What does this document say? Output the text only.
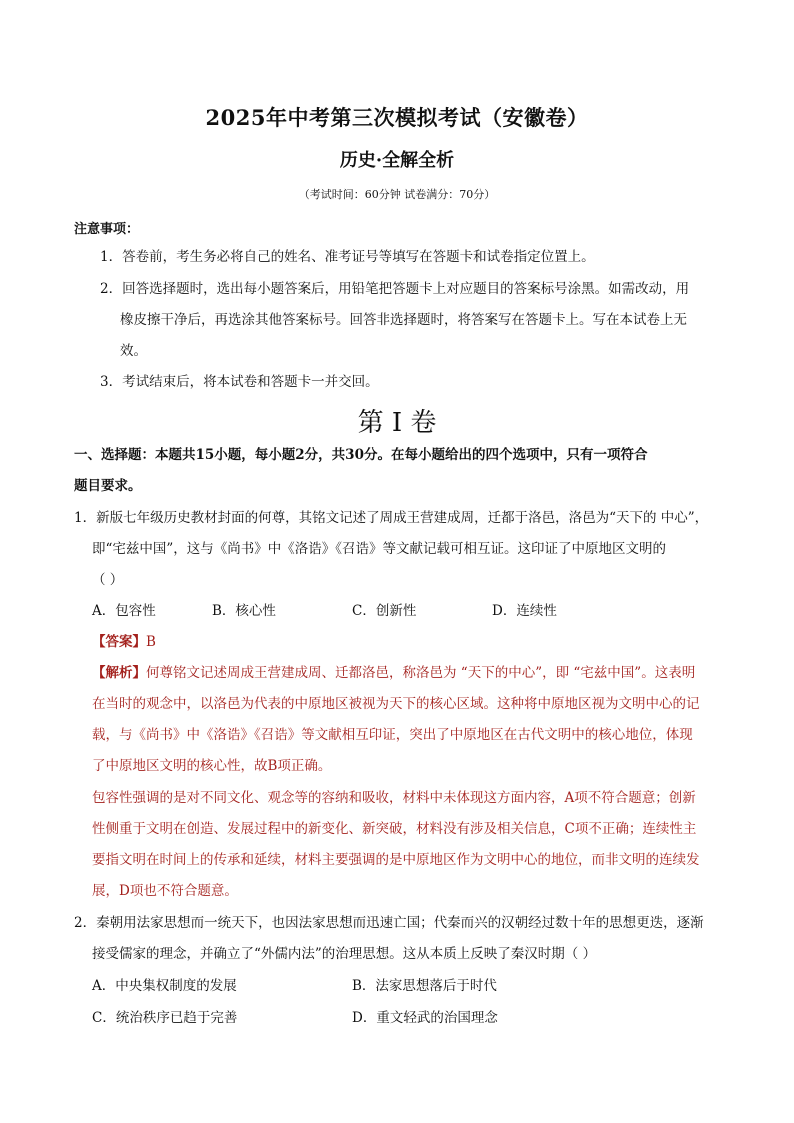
2025年中考第三次模拟考试（安徽卷）
历史·全解全析
（考试时间：60分钟 试卷满分：70分）
注意事项：
1．答卷前，考生务必将自己的姓名、准考证号等填写在答题卡和试卷指定位置上。
2．回答选择题时，选出每小题答案后，用铅笔把答题卡上对应题目的答案标号涂黑。如需改动，用
橡皮擦干净后，再选涂其他答案标号。回答非选择题时，将答案写在答题卡上。写在本试卷上无
效。
3．考试结束后，将本试卷和答题卡一并交回。
第 I 卷
一、选择题：本题共15小题，每小题2分，共30分。在每小题给出的四个选项中，只有一项符合
题目要求。
1．新版七年级历史教材封面的何尊，其铭文记述了周成王营建成周，迁都于洛邑，洛邑为“天下的 中心”，
即“宅兹中国”，这与《尚书》中《洛诰》《召诰》等文献记载可相互证。这印证了中原地区文明的
（ ）
A．包容性	B．核心性	C．创新性	D．连续性
【答案】B
【解析】何尊铭文记述周成王营建成周、迁都洛邑，称洛邑为 “天下的中心”，即 “宅兹中国”。这表明
在当时的观念中，以洛邑为代表的中原地区被视为天下的核心区域。这种将中原地区视为文明中心的记
载，与《尚书》中《洛诰》《召诰》等文献相互印证，突出了中原地区在古代文明中的核心地位，体现
了中原地区文明的核心性，故B项正确。
包容性强调的是对不同文化、观念等的容纳和吸收，材料中未体现这方面内容，A项不符合题意；创新
性侧重于文明在创造、发展过程中的新变化、新突破，材料没有涉及相关信息，C项不正确；连续性主
要指文明在时间上的传承和延续，材料主要强调的是中原地区作为文明中心的地位，而非文明的连续发
展，D项也不符合题意。
2．秦朝用法家思想而一统天下，也因法家思想而迅速亡国；代秦而兴的汉朝经过数十年的思想更迭，逐渐
接受儒家的理念，并确立了“外儒内法”的治理思想。这从本质上反映了秦汉时期（ ）
A．中央集权制度的发展	B．法家思想落后于时代
C．统治秩序已趋于完善	D．重文轻武的治国理念
